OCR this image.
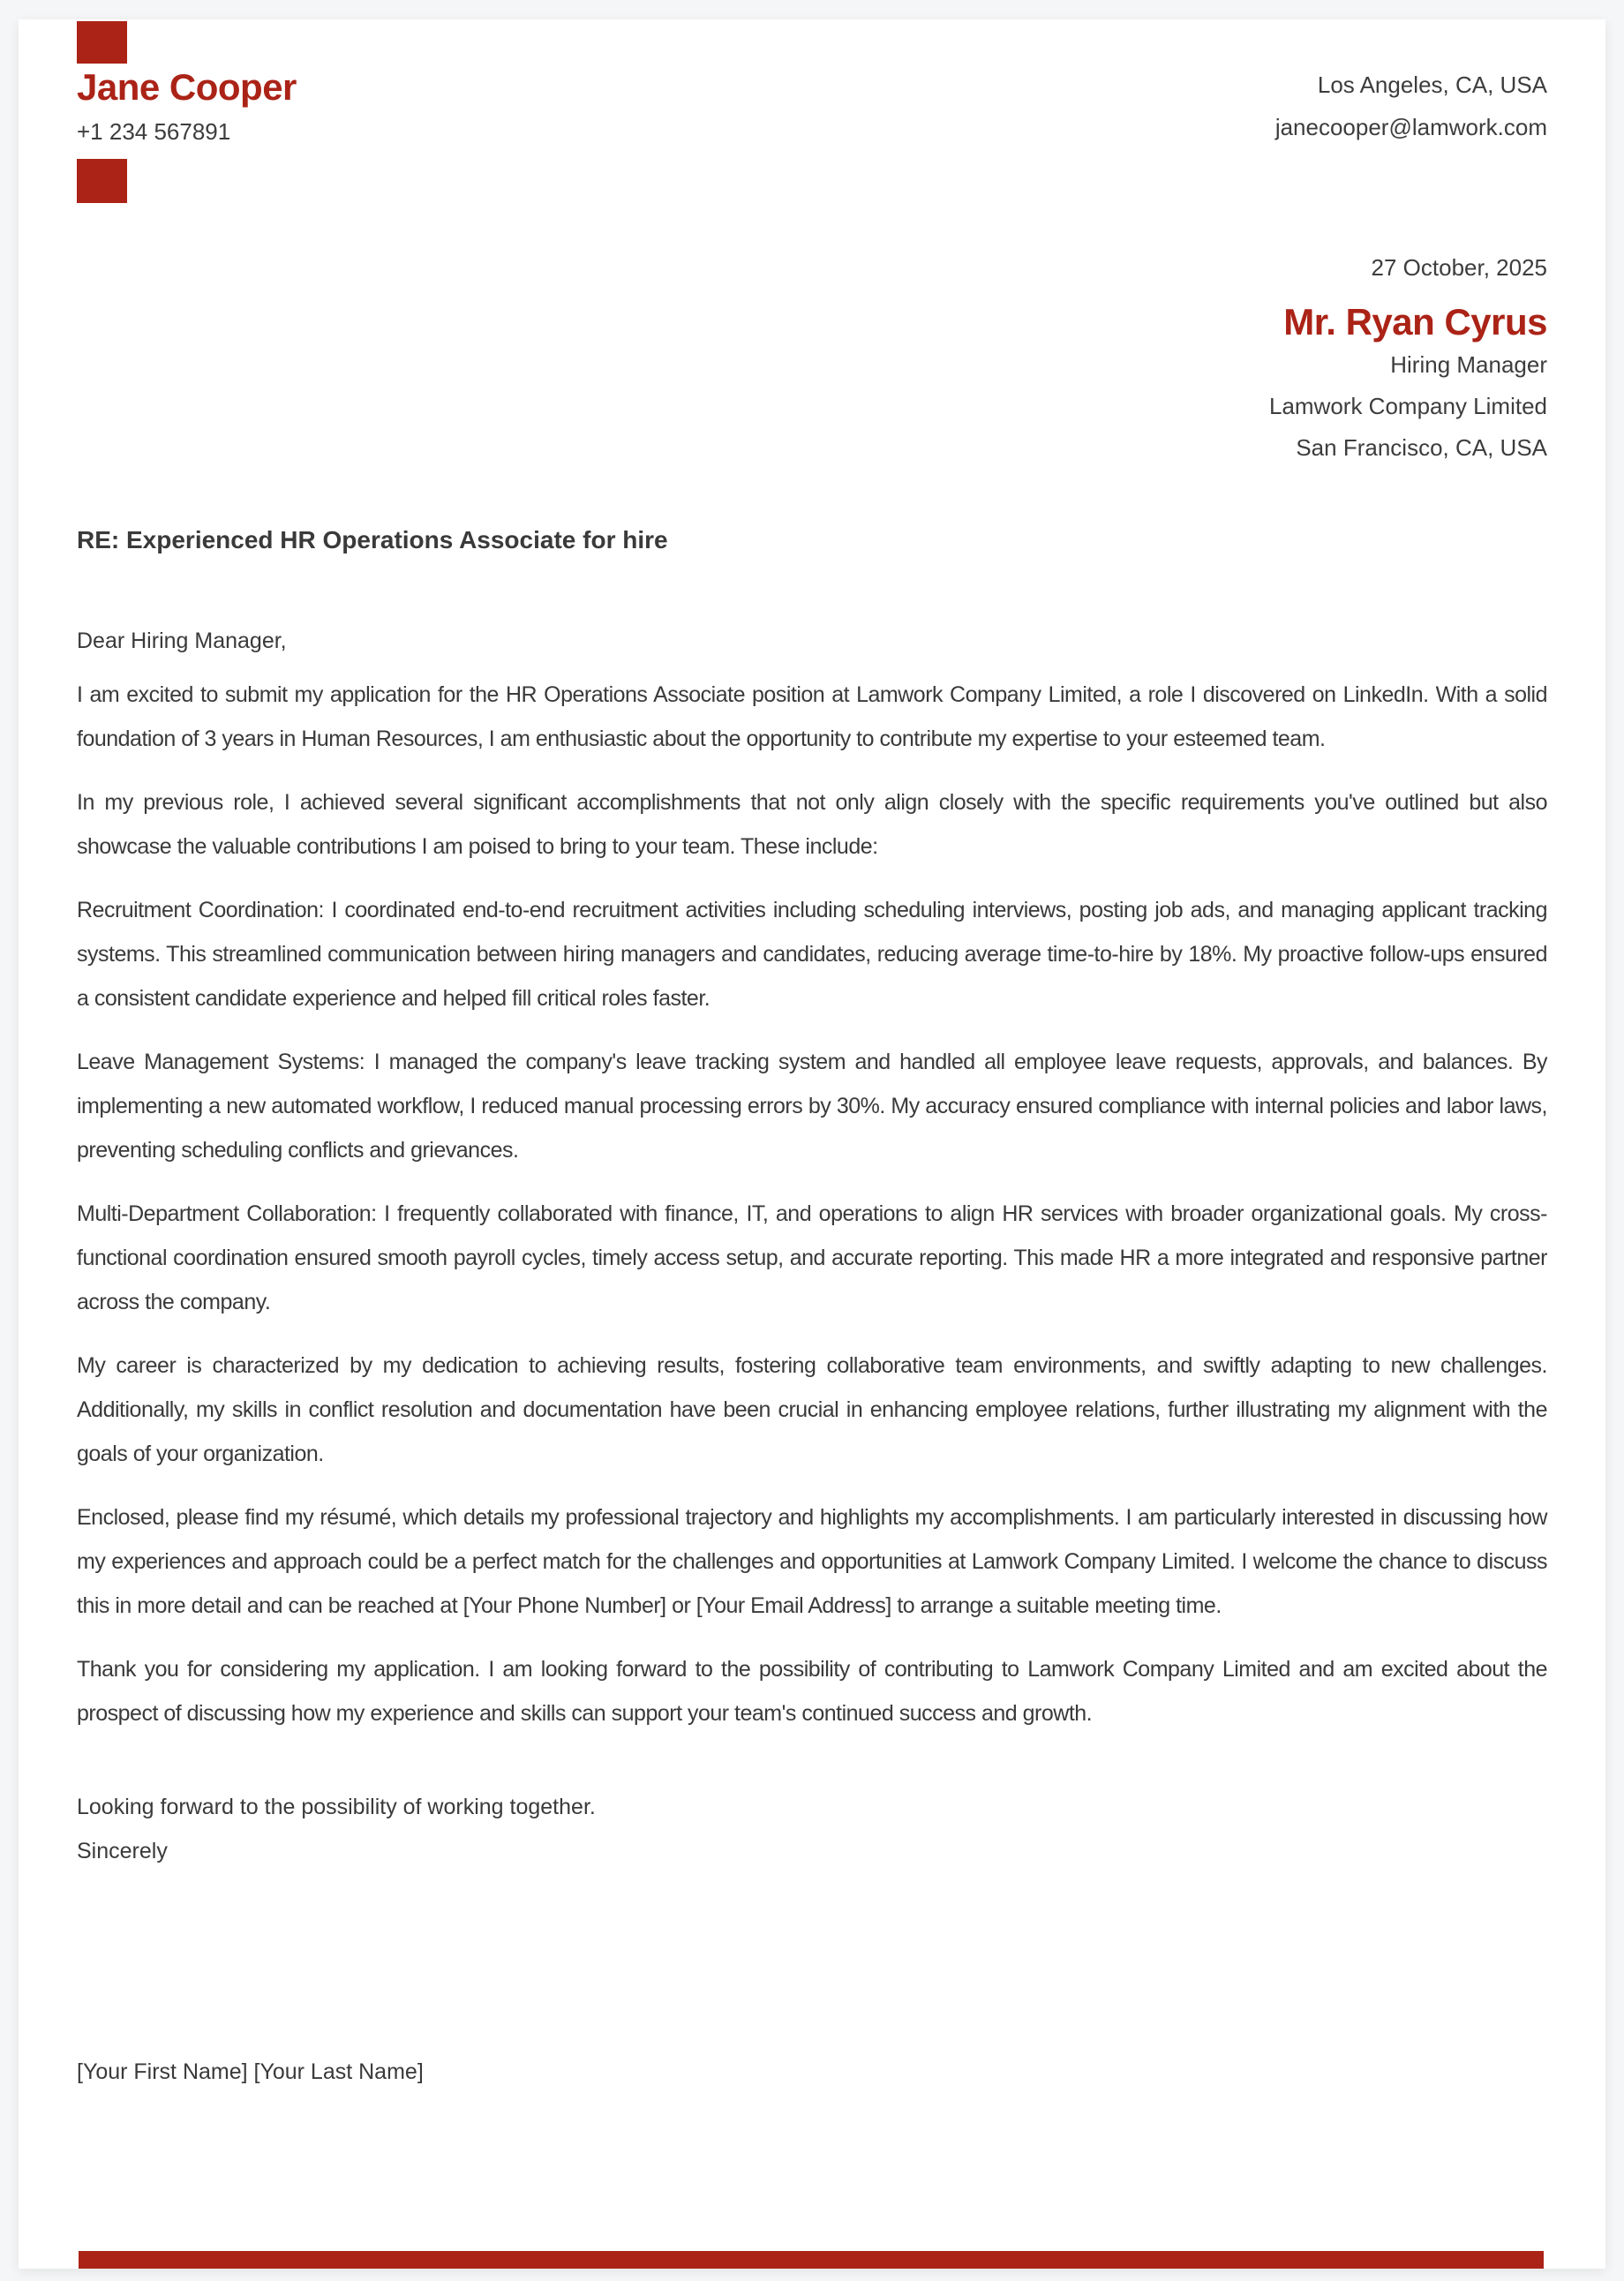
Jane Cooper
+1 234 567891
Los Angeles, CA, USA
janecooper@lamwork.com
27 October, 2025
Mr. Ryan Cyrus
Hiring Manager
Lamwork Company Limited
San Francisco, CA, USA
RE: Experienced HR Operations Associate for hire
Dear Hiring Manager,

I am excited to submit my application for the HR Operations Associate position at Lamwork Company Limited, a role I discovered on LinkedIn. With a solid foundation of 3 years in Human Resources, I am enthusiastic about the opportunity to contribute my expertise to your esteemed team.

In my previous role, I achieved several significant accomplishments that not only align closely with the specific requirements you've outlined but also showcase the valuable contributions I am poised to bring to your team. These include:

Recruitment Coordination: I coordinated end-to-end recruitment activities including scheduling interviews, posting job ads, and managing applicant tracking systems. This streamlined communication between hiring managers and candidates, reducing average time-to-hire by 18%. My proactive follow-ups ensured a consistent candidate experience and helped fill critical roles faster.

Leave Management Systems: I managed the company's leave tracking system and handled all employee leave requests, approvals, and balances. By implementing a new automated workflow, I reduced manual processing errors by 30%. My accuracy ensured compliance with internal policies and labor laws, preventing scheduling conflicts and grievances.

Multi-Department Collaboration: I frequently collaborated with finance, IT, and operations to align HR services with broader organizational goals. My cross-functional coordination ensured smooth payroll cycles, timely access setup, and accurate reporting. This made HR a more integrated and responsive partner across the company.

My career is characterized by my dedication to achieving results, fostering collaborative team environments, and swiftly adapting to new challenges. Additionally, my skills in conflict resolution and documentation have been crucial in enhancing employee relations, further illustrating my alignment with the goals of your organization.

Enclosed, please find my résumé, which details my professional trajectory and highlights my accomplishments. I am particularly interested in discussing how my experiences and approach could be a perfect match for the challenges and opportunities at Lamwork Company Limited. I welcome the chance to discuss this in more detail and can be reached at [Your Phone Number] or [Your Email Address] to arrange a suitable meeting time.

Thank you for considering my application. I am looking forward to the possibility of contributing to Lamwork Company Limited and am excited about the prospect of discussing how my experience and skills can support your team's continued success and growth.

Looking forward to the possibility of working together.
Sincerely
[Your First Name] [Your Last Name]
